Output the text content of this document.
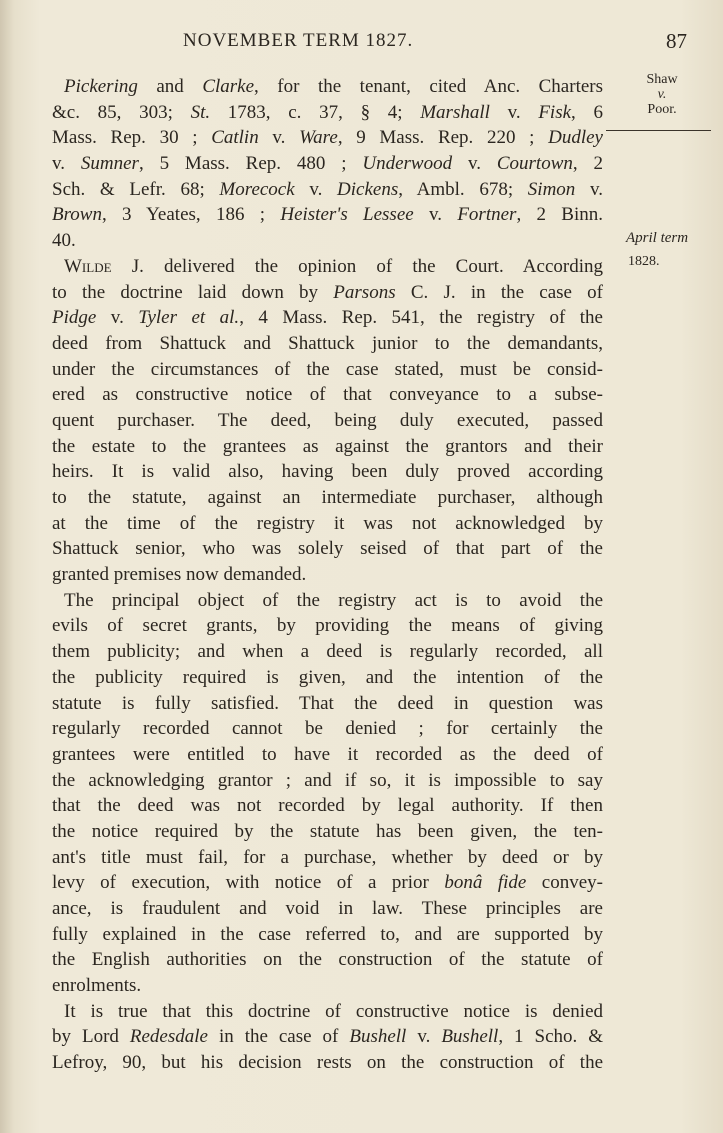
NOVEMBER TERM 1827.	87
Shaw
v.
Poor.
April term
1828.
Pickering and Clarke, for the tenant, cited Anc. Charters
&c. 85, 303; St. 1783, c. 37, § 4; Marshall v. Fisk, 6
Mass. Rep. 30 ; Catlin v. Ware, 9 Mass. Rep. 220 ; Dudley
v. Sumner, 5 Mass. Rep. 480 ; Underwood v. Courtown, 2
Sch. & Lefr. 68; Morecock v. Dickens, Ambl. 678; Simon v.
Brown, 3 Yeates, 186 ; Heister's Lessee v. Fortner, 2 Binn.
40.
Wilde J. delivered the opinion of the Court. According
to the doctrine laid down by Parsons C. J. in the case of
Pidge v. Tyler et al., 4 Mass. Rep. 541, the registry of the
deed from Shattuck and Shattuck junior to the demandants,
under the circumstances of the case stated, must be consid-
ered as constructive notice of that conveyance to a subse-
quent purchaser. The deed, being duly executed, passed
the estate to the grantees as against the grantors and their
heirs. It is valid also, having been duly proved according
to the statute, against an intermediate purchaser, although
at the time of the registry it was not acknowledged by
Shattuck senior, who was solely seised of that part of the
granted premises now demanded.
The principal object of the registry act is to avoid the
evils of secret grants, by providing the means of giving
them publicity; and when a deed is regularly recorded, all
the publicity required is given, and the intention of the
statute is fully satisfied. That the deed in question was
regularly recorded cannot be denied ; for certainly the
grantees were entitled to have it recorded as the deed of
the acknowledging grantor ; and if so, it is impossible to say
that the deed was not recorded by legal authority. If then
the notice required by the statute has been given, the ten-
ant's title must fail, for a purchase, whether by deed or by
levy of execution, with notice of a prior bonâ fide convey-
ance, is fraudulent and void in law. These principles are
fully explained in the case referred to, and are supported by
the English authorities on the construction of the statute of
enrolments.
It is true that this doctrine of constructive notice is denied
by Lord Redesdale in the case of Bushell v. Bushell, 1 Scho. &
Lefroy, 90, but his decision rests on the construction of the
